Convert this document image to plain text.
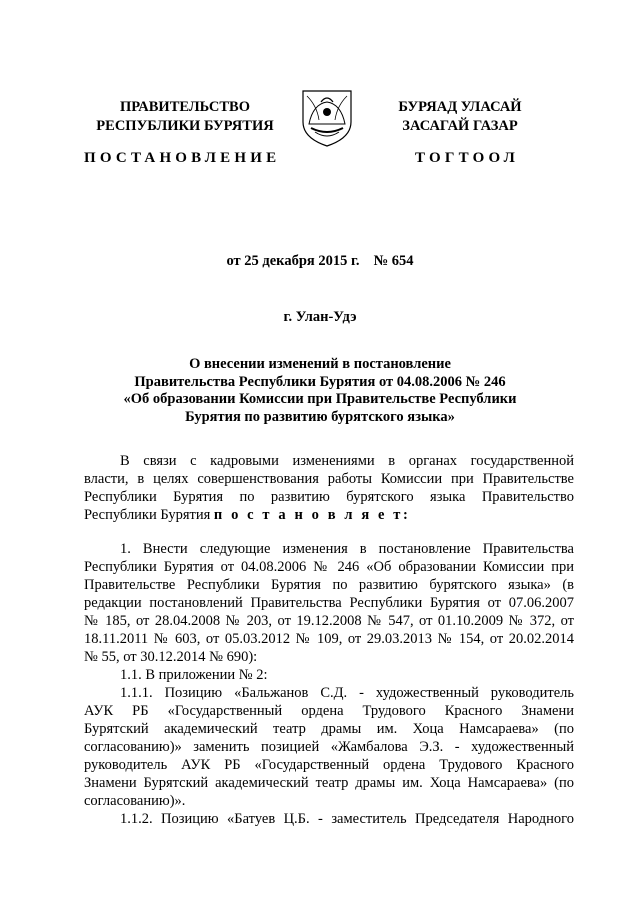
ПРАВИТЕЛЬСТВО
РЕСПУБЛИКИ БУРЯТИЯ
БУРЯАД УЛАСАЙ
ЗАСАГАЙ ГАЗАР
ПОСТАНОВЛЕНИЕ	ТОГТООЛ
от 25 декабря 2015 г. № 654
г. Улан-Удэ
О внесении изменений в постановление
Правительства Республики Бурятия от 04.08.2006 № 246
«Об образовании Комиссии при Правительстве Республики
Бурятия по развитию бурятского языка»
В связи с кадровыми изменениями в органах государственной
власти, в целях совершенствования работы Комиссии при Правительстве
Республики Бурятия по развитию бурятского языка Правительство
Республики Бурятия п о с т а н о в л я е т:
1. Внести следующие изменения в постановление Правительства
Республики Бурятия от 04.08.2006 № 246 «Об образовании Комиссии при
Правительстве Республики Бурятия по развитию бурятского языка» (в
редакции постановлений Правительства Республики Бурятия от 07.06.2007
№ 185, от 28.04.2008 № 203, от 19.12.2008 № 547, от 01.10.2009 № 372, от
18.11.2011 № 603, от 05.03.2012 № 109, от 29.03.2013 № 154, от 20.02.2014
№ 55, от 30.12.2014 № 690):
1.1. В приложении № 2:
1.1.1. Позицию «Бальжанов С.Д. - художественный руководитель
АУК РБ «Государственный ордена Трудового Красного Знамени
Бурятский академический театр драмы им. Хоца Намсараева» (по
согласованию)» заменить позицией «Жамбалова Э.З. - художественный
руководитель АУК РБ «Государственный ордена Трудового Красного
Знамени Бурятский академический театр драмы им. Хоца Намсараева» (по
согласованию)».
1.1.2. Позицию «Батуев Ц.Б. - заместитель Председателя Народного
